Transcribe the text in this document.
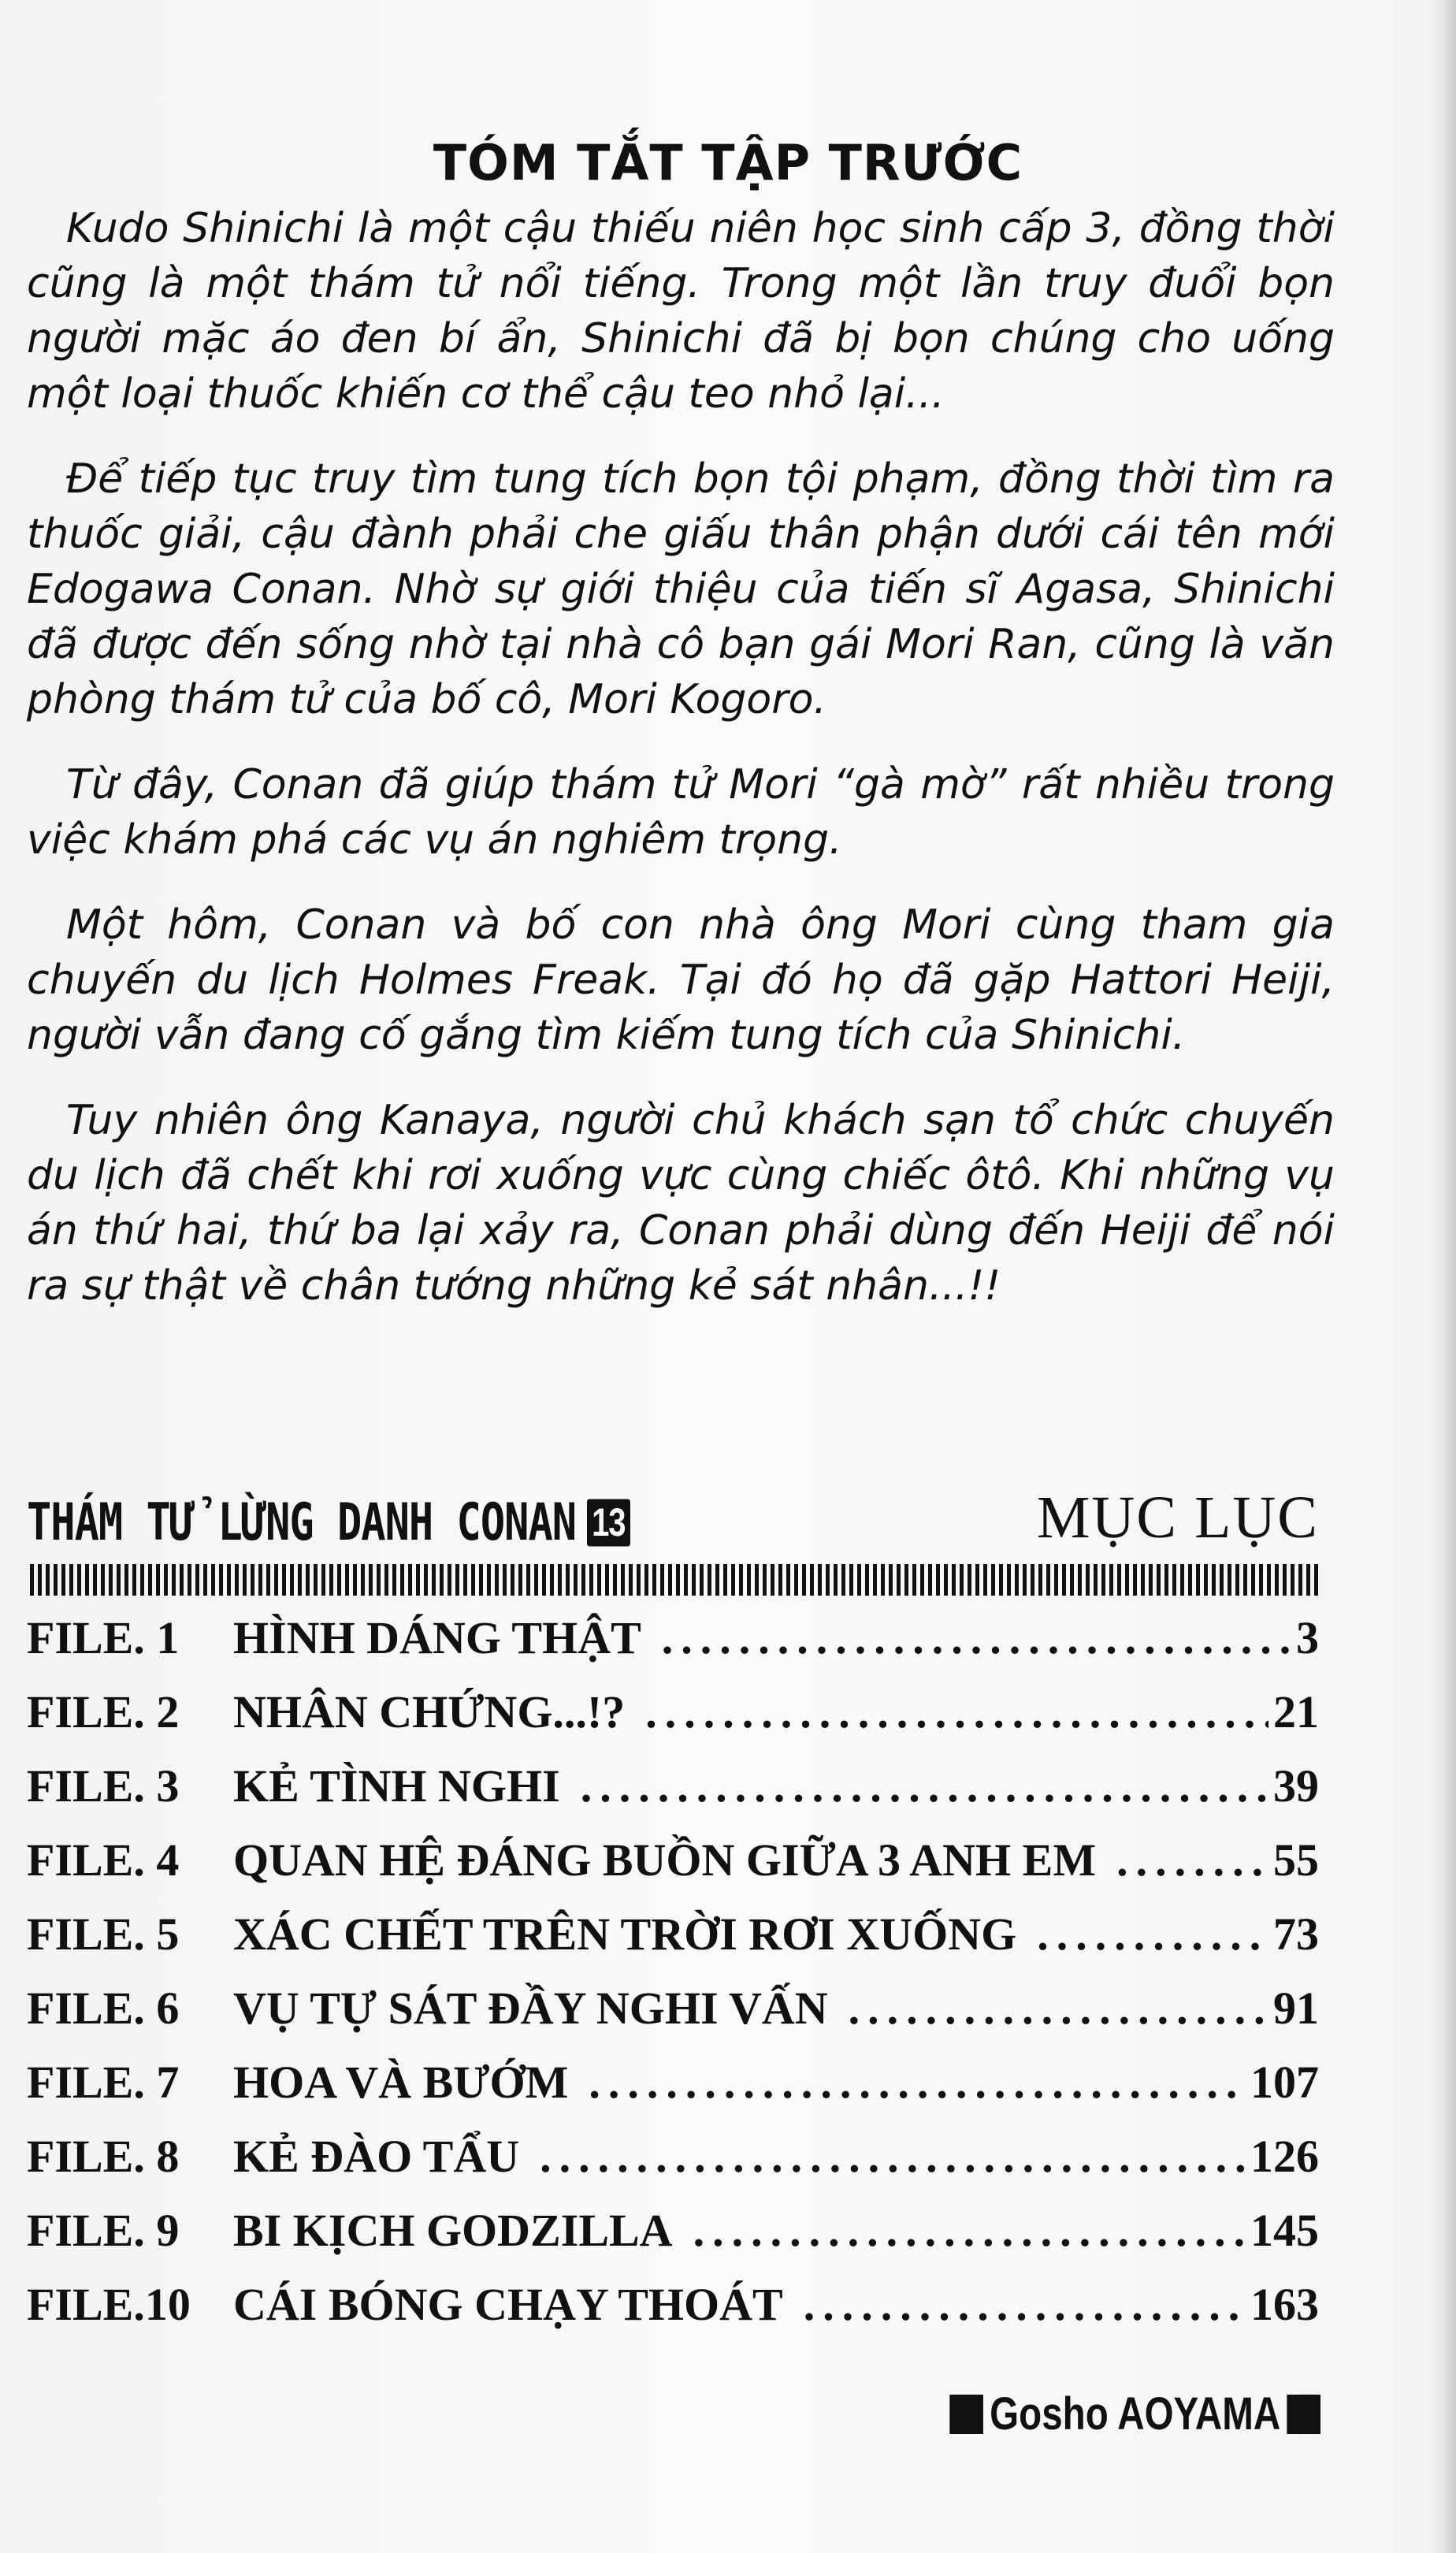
TÓM TẮT TẬP TRƯỚC

Kudo Shinichi là một cậu thiếu niên học sinh cấp 3, đồng thời cũng là một thám tử nổi tiếng. Trong một lần truy đuổi bọn người mặc áo đen bí ẩn, Shinichi đã bị bọn chúng cho uống một loại thuốc khiến cơ thể cậu teo nhỏ lại...

Để tiếp tục truy tìm tung tích bọn tội phạm, đồng thời tìm ra thuốc giải, cậu đành phải che giấu thân phận dưới cái tên mới Edogawa Conan. Nhờ sự giới thiệu của tiến sĩ Agasa, Shinichi đã được đến sống nhờ tại nhà cô bạn gái Mori Ran, cũng là văn phòng thám tử của bố cô, Mori Kogoro.

Từ đây, Conan đã giúp thám tử Mori “gà mờ” rất nhiều trong việc khám phá các vụ án nghiêm trọng.

Một hôm, Conan và bố con nhà ông Mori cùng tham gia chuyến du lịch Holmes Freak. Tại đó họ đã gặp Hattori Heiji, người vẫn đang cố gắng tìm kiếm tung tích của Shinichi.

Tuy nhiên ông Kanaya, người chủ khách sạn tổ chức chuyến du lịch đã chết khi rơi xuống vực cùng chiếc ôtô. Khi những vụ án thứ hai, thứ ba lại xảy ra, Conan phải dùng đến Heiji để nói ra sự thật về chân tướng những kẻ sát nhân...!!

THÁM TỬ LỪNG DANH CONAN 13	MỤC LỤC
FILE. 1	HÌNH DÁNG THẬT .....	3
FILE. 2	NHÂN CHỨNG...!? .....	21
FILE. 3	KẺ TÌNH NGHI .....	39
FILE. 4	QUAN HỆ ĐÁNG BUỒN GIỮA 3 ANH EM .....	55
FILE. 5	XÁC CHẾT TRÊN TRỜI RƠI XUỐNG .....	73
FILE. 6	VỤ TỰ SÁT ĐẦY NGHI VẤN .....	91
FILE. 7	HOA VÀ BƯỚM .....	107
FILE. 8	KẺ ĐÀO TẨU .....	126
FILE. 9	BI KỊCH GODZILLA .....	145
FILE.10 CÁI BÓNG CHẠY THOÁT .....	163
Gosho AOYAMA
